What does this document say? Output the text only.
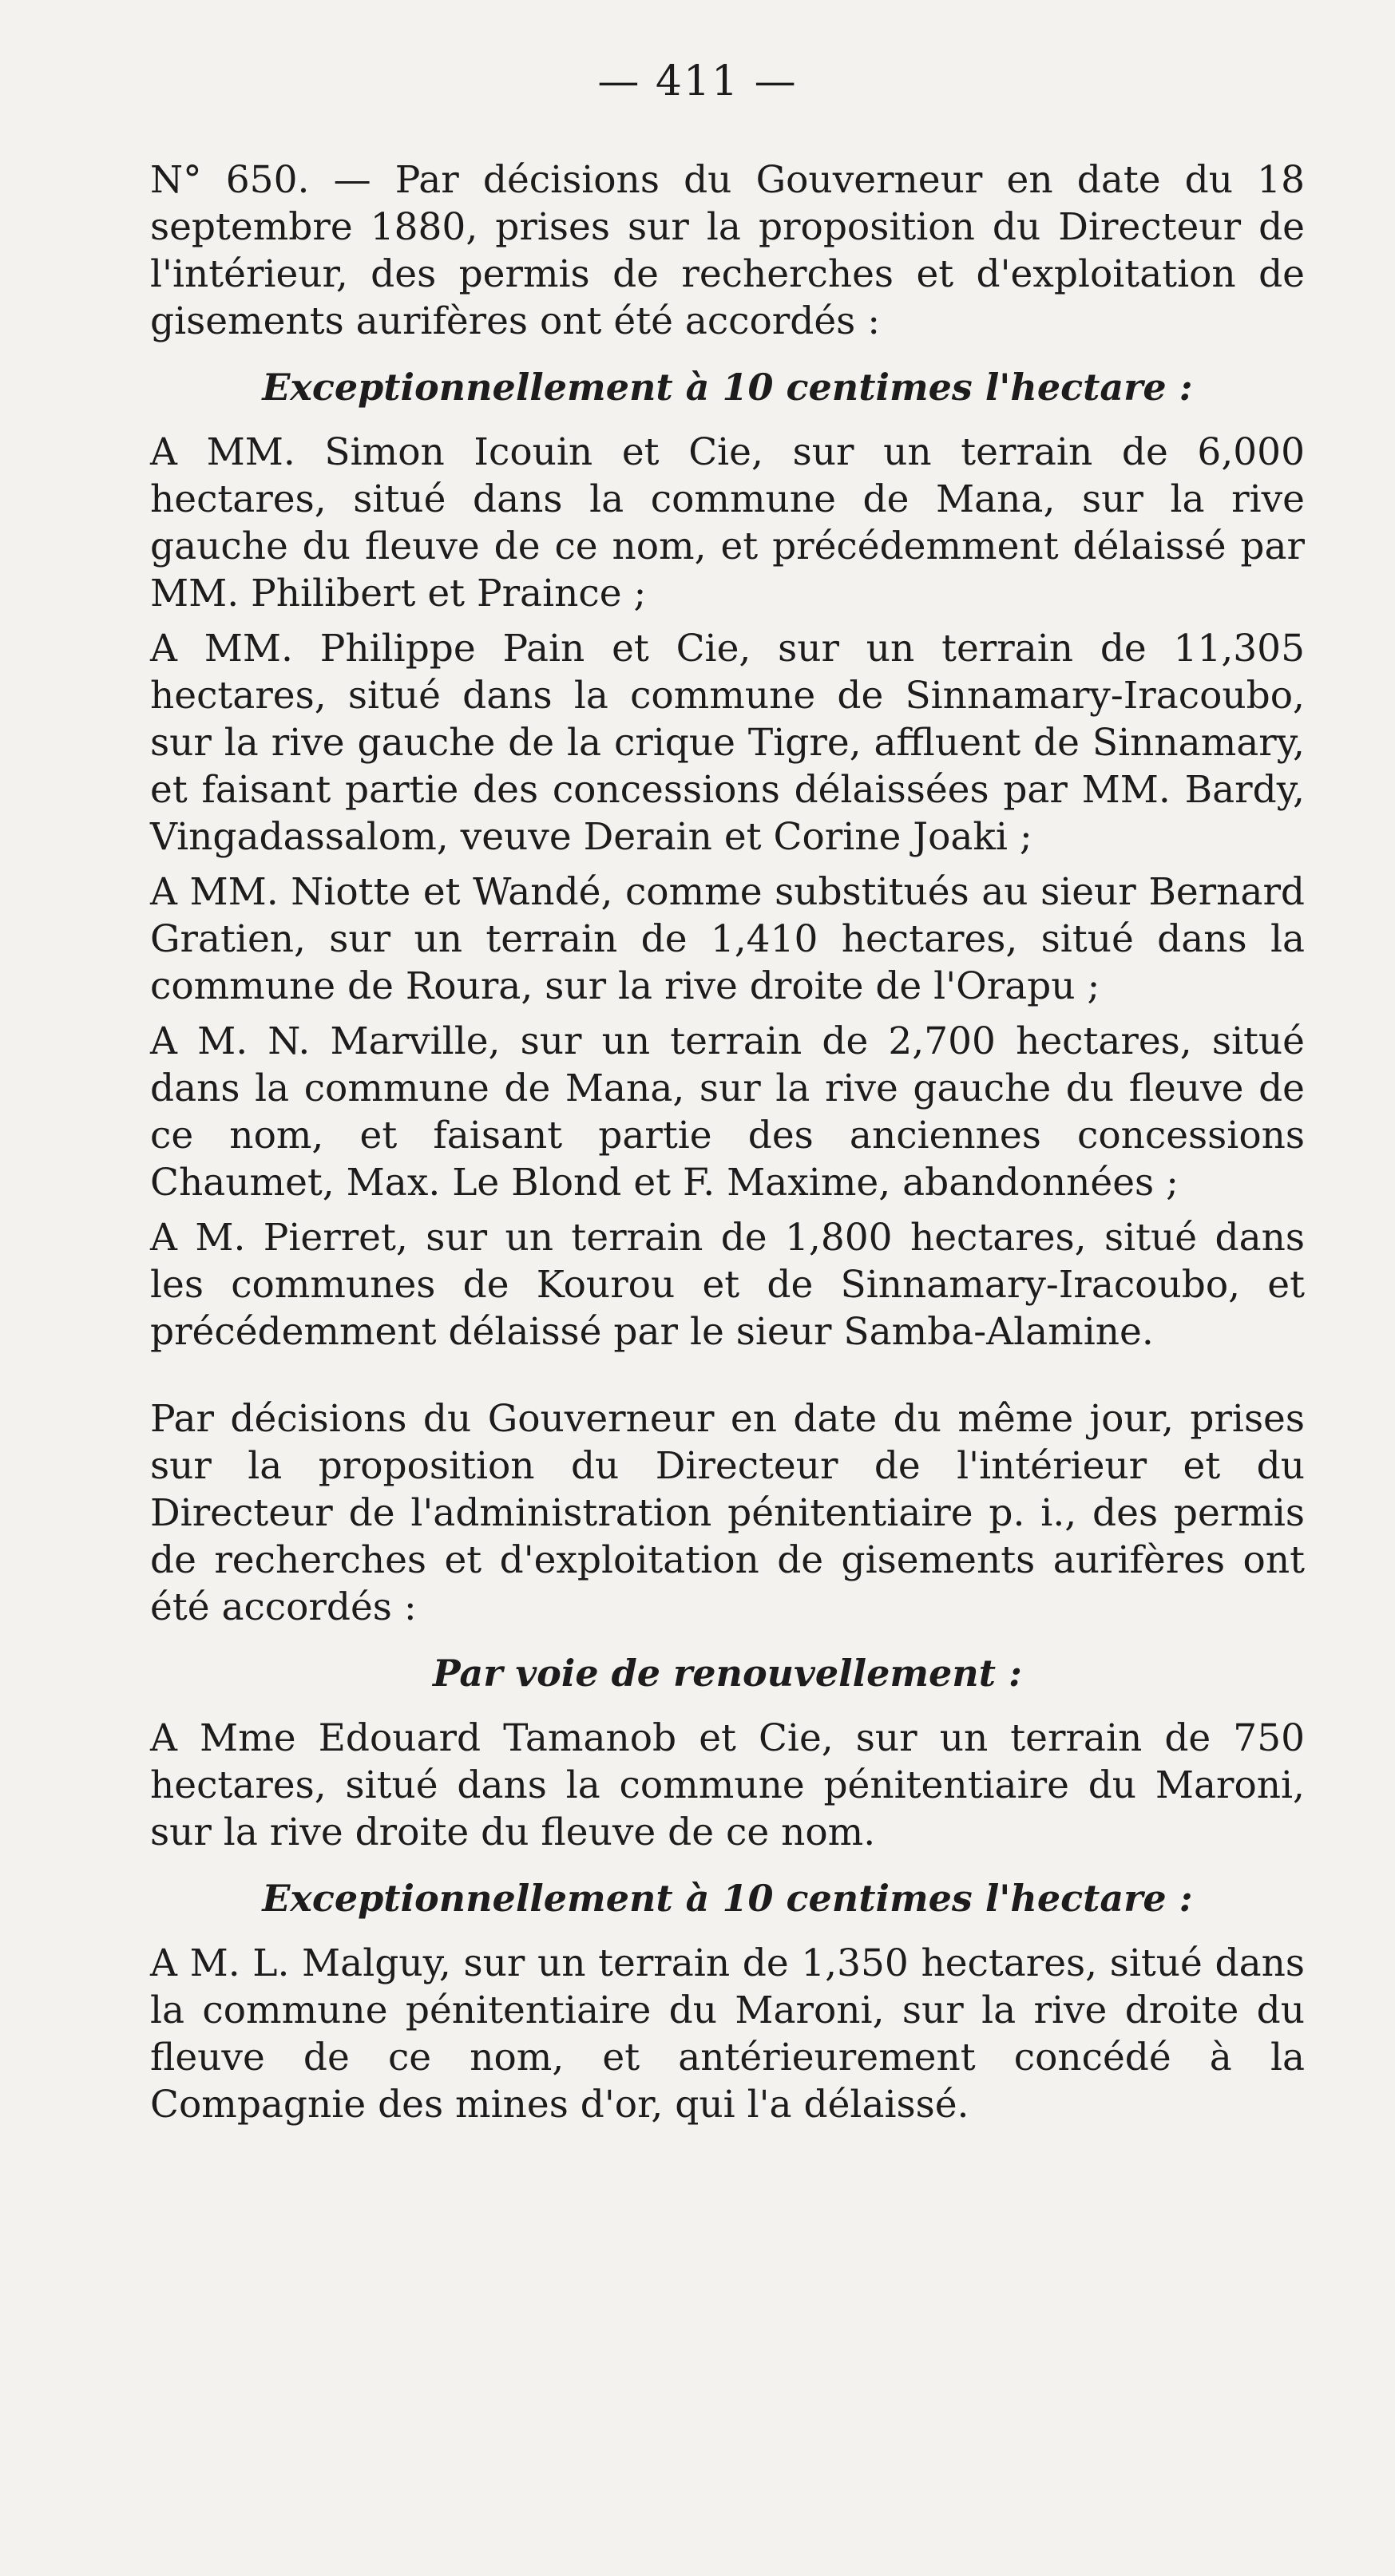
— 411 —

N° 650. — Par décisions du Gouverneur en date du 18 septembre 1880, prises sur la proposition du Directeur de l'intérieur, des permis de recherches et d'exploitation de gisements aurifères ont été accordés :

Exceptionnellement à 10 centimes l'hectare :

A MM. Simon Icouin et Cie, sur un terrain de 6,000 hectares, situé dans la commune de Mana, sur la rive gauche du fleuve de ce nom, et précédemment délaissé par MM. Philibert et Praince ;

A MM. Philippe Pain et Cie, sur un terrain de 11,305 hectares, situé dans la commune de Sinnamary-Iracoubo, sur la rive gauche de la crique Tigre, affluent de Sinnamary, et faisant partie des concessions délaissées par MM. Bardy, Vingadassalom, veuve Derain et Corine Joaki ;

A MM. Niotte et Wandé, comme substitués au sieur Bernard Gratien, sur un terrain de 1,410 hectares, situé dans la commune de Roura, sur la rive droite de l'Orapu ;

A M. N. Marville, sur un terrain de 2,700 hectares, situé dans la commune de Mana, sur la rive gauche du fleuve de ce nom, et faisant partie des anciennes concessions Chaumet, Max. Le Blond et F. Maxime, abandonnées ;

A M. Pierret, sur un terrain de 1,800 hectares, situé dans les communes de Kourou et de Sinnamary-Iracoubo, et précédemment délaissé par le sieur Samba-Alamine.

Par décisions du Gouverneur en date du même jour, prises sur la proposition du Directeur de l'intérieur et du Directeur de l'administration pénitentiaire p. i., des permis de recherches et d'exploitation de gisements aurifères ont été accordés :

Par voie de renouvellement :

A Mme Edouard Tamanob et Cie, sur un terrain de 750 hectares, situé dans la commune pénitentiaire du Maroni, sur la rive droite du fleuve de ce nom.

Exceptionnellement à 10 centimes l'hectare :

A M. L. Malguy, sur un terrain de 1,350 hectares, situé dans la commune pénitentiaire du Maroni, sur la rive droite du fleuve de ce nom, et antérieurement concédé à la Compagnie des mines d'or, qui l'a délaissé.
